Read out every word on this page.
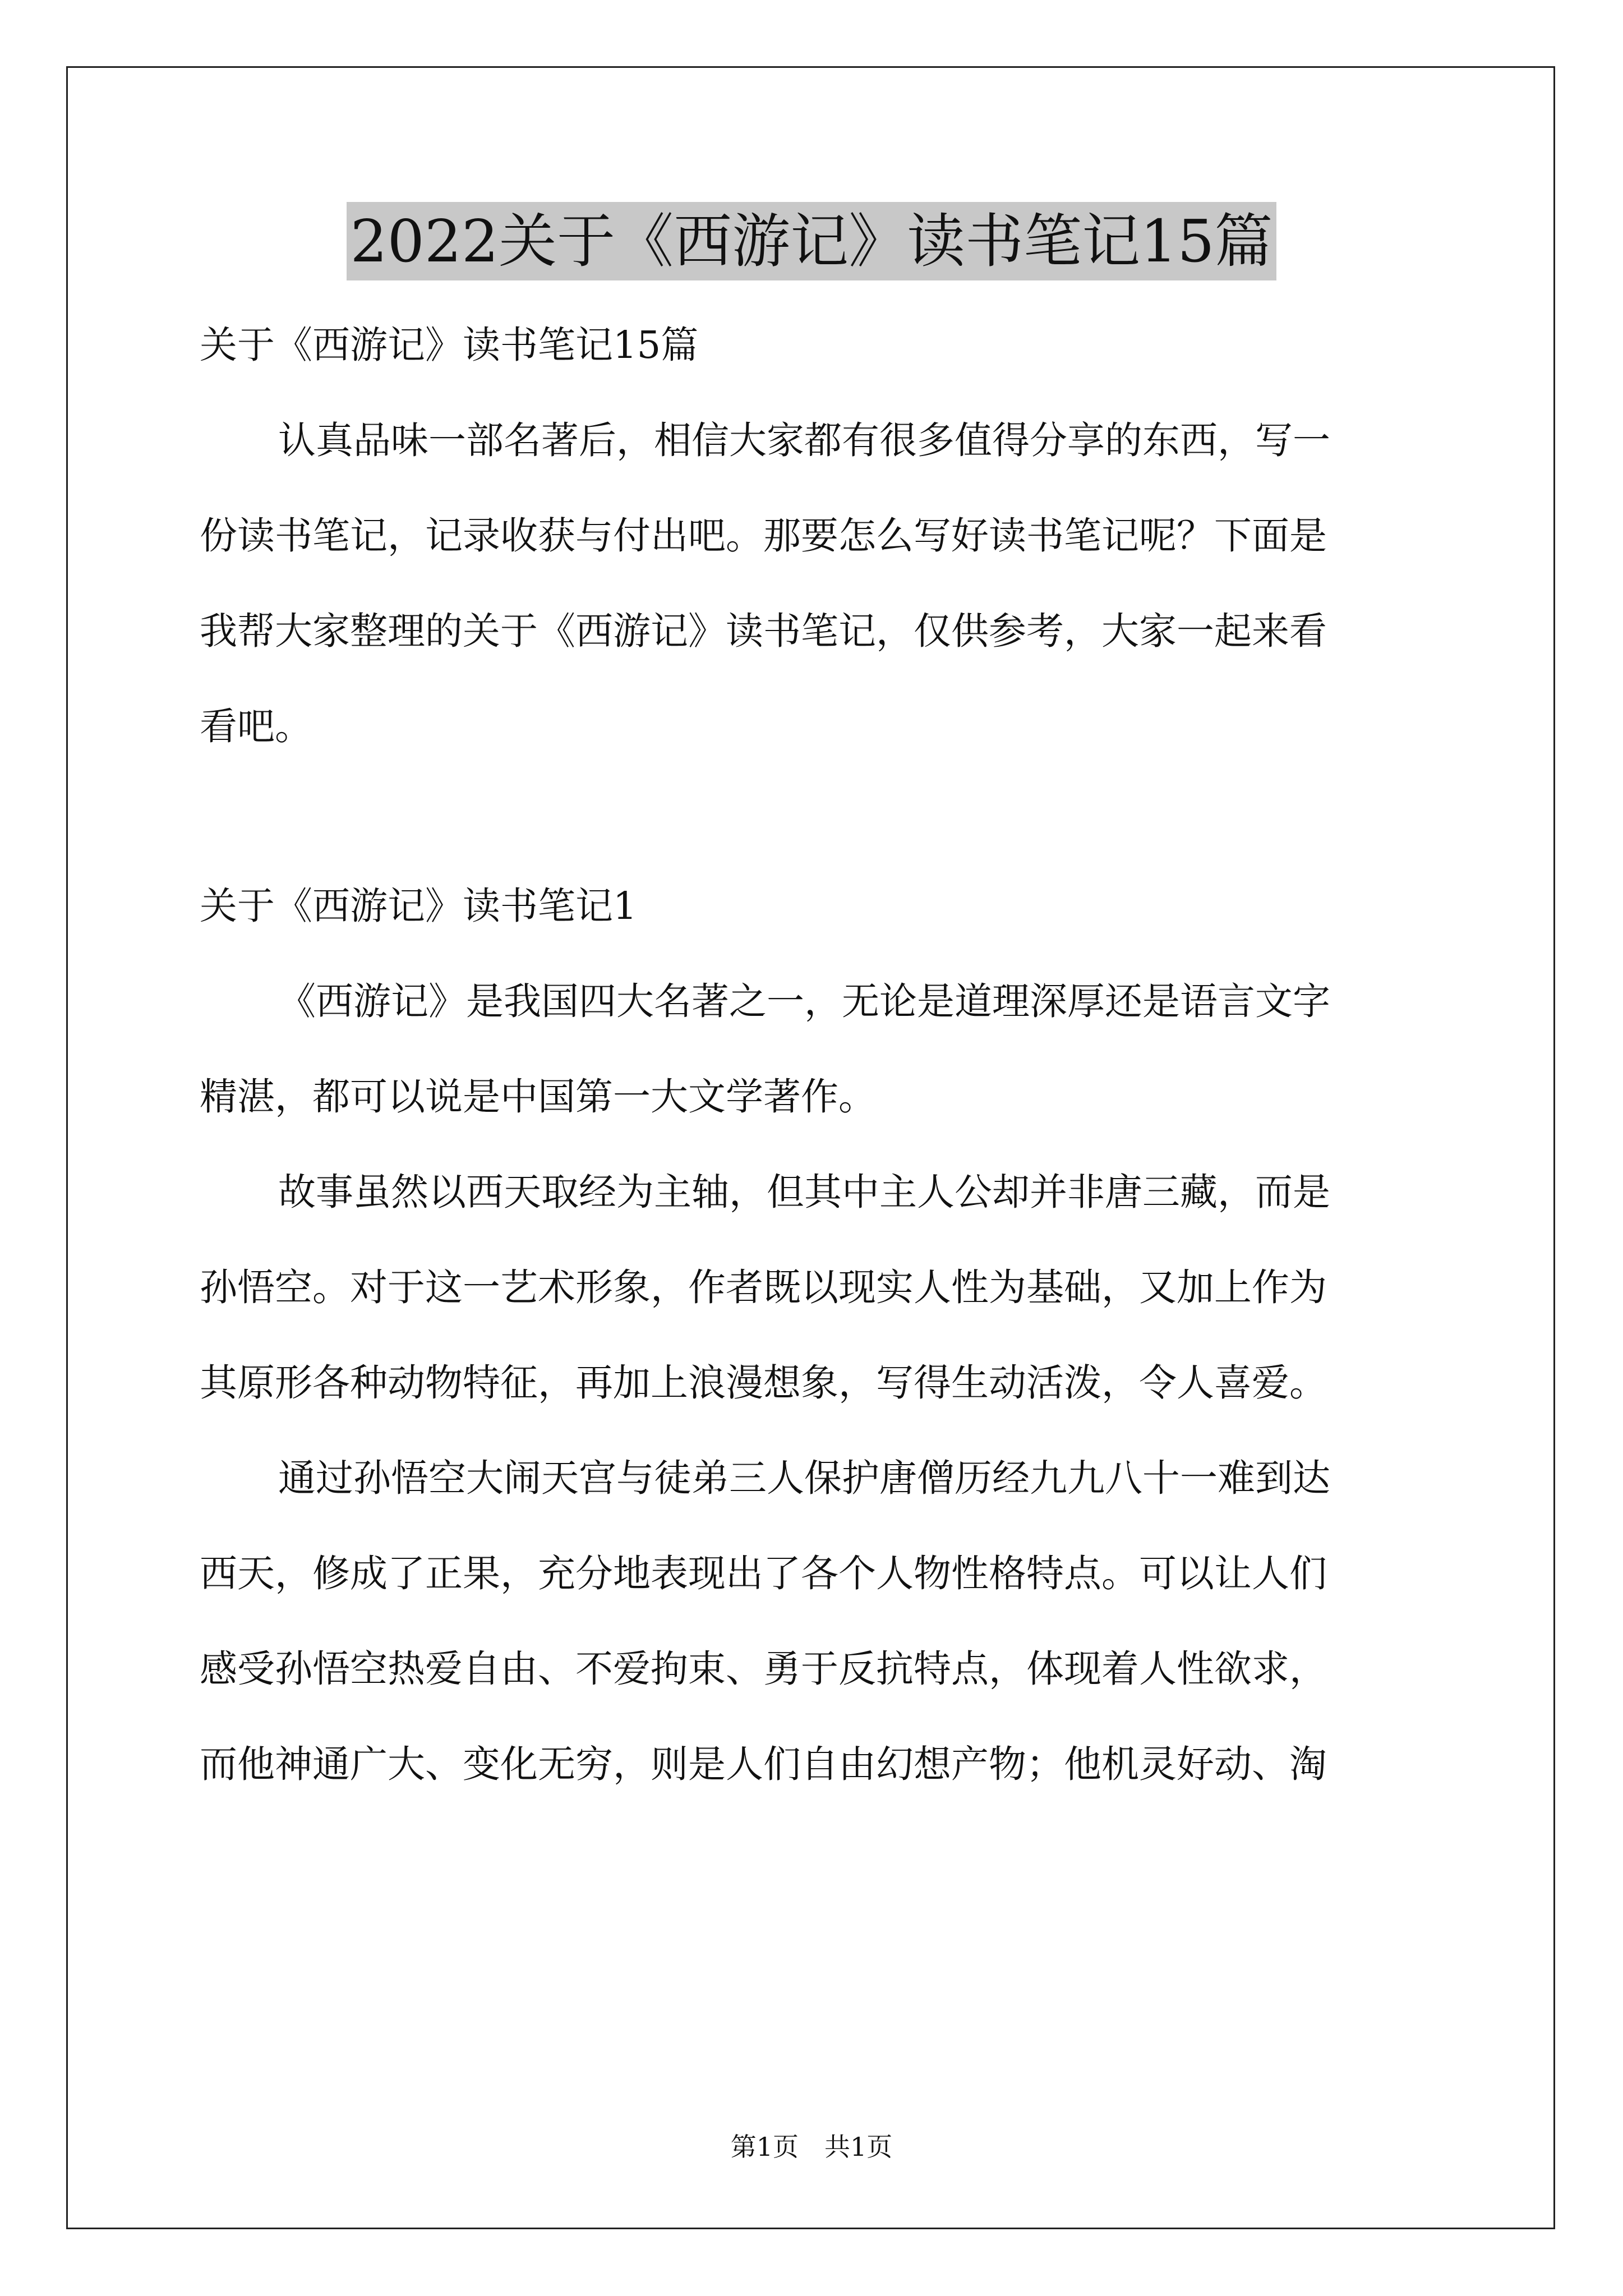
2022关于《西游记》读书笔记15篇
关于《西游记》读书笔记15篇
认真品味一部名著后，相信大家都有很多值得分享的东西，写一
份读书笔记，记录收获与付出吧。那要怎么写好读书笔记呢？下面是
我帮大家整理的关于《西游记》读书笔记，仅供参考，大家一起来看
看吧。
关于《西游记》读书笔记1
《西游记》是我国四大名著之一，无论是道理深厚还是语言文字
精湛，都可以说是中国第一大文学著作。
故事虽然以西天取经为主轴，但其中主人公却并非唐三藏，而是
孙悟空。对于这一艺术形象，作者既以现实人性为基础，又加上作为
其原形各种动物特征，再加上浪漫想象，写得生动活泼，令人喜爱。
通过孙悟空大闹天宫与徒弟三人保护唐僧历经九九八十一难到达
西天，修成了正果，充分地表现出了各个人物性格特点。可以让人们
感受孙悟空热爱自由、不爱拘束、勇于反抗特点，体现着人性欲求，
而他神通广大、变化无穷，则是人们自由幻想产物；他机灵好动、淘
第1页　共1页
